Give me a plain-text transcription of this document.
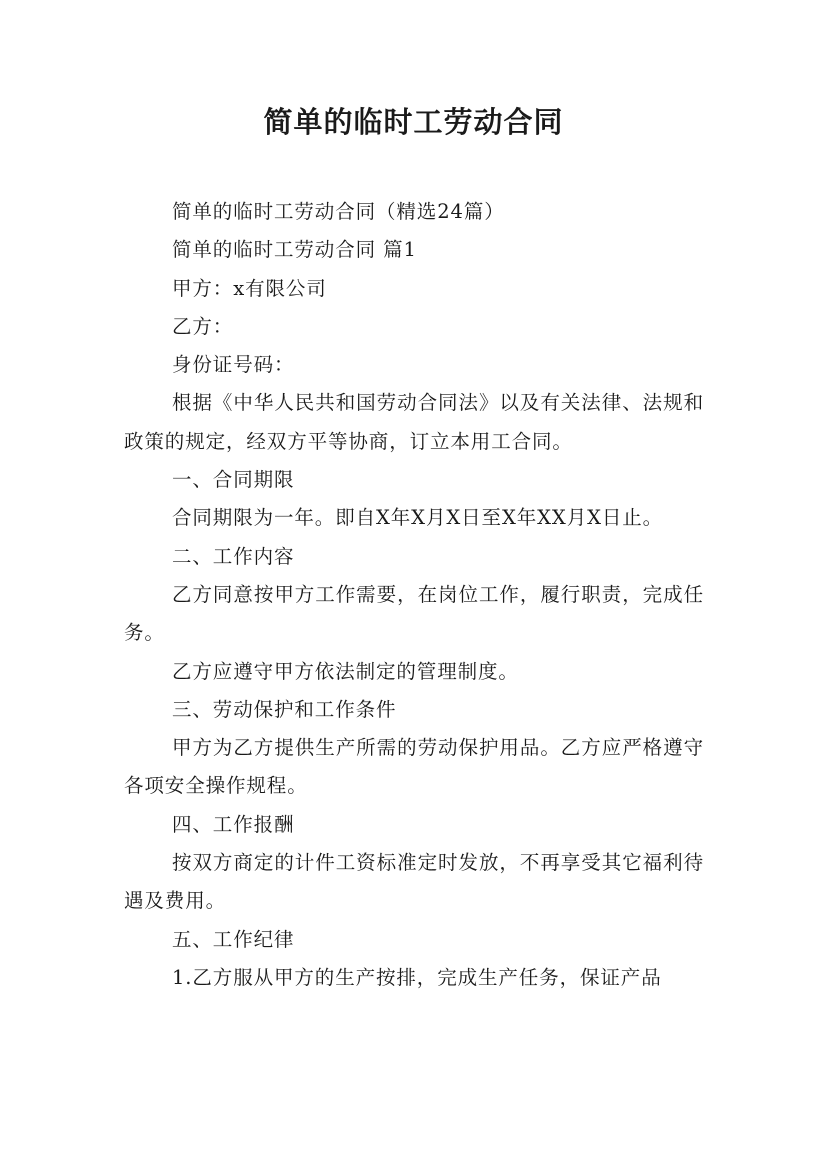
简单的临时工劳动合同

简单的临时工劳动合同（精选24篇）

简单的临时工劳动合同 篇1

甲方：x有限公司

乙方：

身份证号码：

根据《中华人民共和国劳动合同法》以及有关法律、法规和政策的规定，经双方平等协商，订立本用工合同。

一、合同期限

合同期限为一年。即自X年X月X日至X年XX月X日止。

二、工作内容

乙方同意按甲方工作需要，在岗位工作，履行职责，完成任务。

乙方应遵守甲方依法制定的管理制度。

三、劳动保护和工作条件

甲方为乙方提供生产所需的劳动保护用品。乙方应严格遵守各项安全操作规程。

四、工作报酬

按双方商定的计件工资标准定时发放，不再享受其它福利待遇及费用。

五、工作纪律

1.乙方服从甲方的生产按排，完成生产任务，保证产品
